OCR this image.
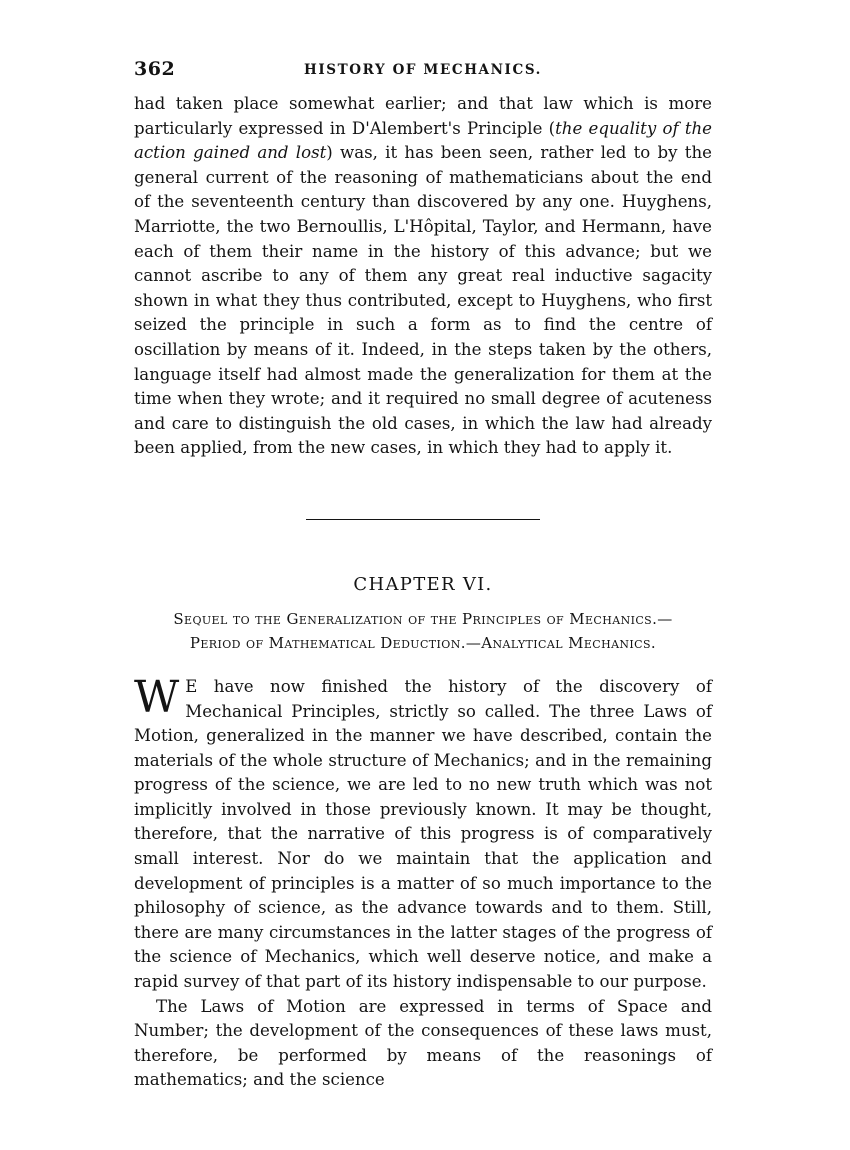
362	HISTORY OF MECHANICS.

had taken place somewhat earlier; and that law which is more particularly expressed in D'Alembert's Principle (the equality of the action gained and lost) was, it has been seen, rather led to by the general current of the reasoning of mathematicians about the end of the seventeenth century than discovered by any one. Huyghens, Marriotte, the two Bernoullis, L'Hôpital, Taylor, and Hermann, have each of them their name in the history of this advance; but we cannot ascribe to any of them any great real inductive sagacity shown in what they thus contributed, except to Huyghens, who first seized the principle in such a form as to find the centre of oscillation by means of it. Indeed, in the steps taken by the others, language itself had almost made the generalization for them at the time when they wrote; and it required no small degree of acuteness and care to distinguish the old cases, in which the law had already been applied, from the new cases, in which they had to apply it.

CHAPTER VI.
Sequel to the Generalization of the Principles of Mechanics.—
Period of Mathematical Deduction.—Analytical Mechanics.

W E have now finished the history of the discovery of Mechanical Principles, strictly so called. The three Laws of Motion, generalized in the manner we have described, contain the materials of the whole structure of Mechanics; and in the remaining progress of the science, we are led to no new truth which was not implicitly involved in those previously known. It may be thought, therefore, that the narrative of this progress is of comparatively small interest. Nor do we maintain that the application and development of principles is a matter of so much importance to the philosophy of science, as the advance towards and to them. Still, there are many circumstances in the latter stages of the progress of the science of Mechanics, which well deserve notice, and make a rapid survey of that part of its history indispensable to our purpose.

The Laws of Motion are expressed in terms of Space and Number; the development of the consequences of these laws must, therefore, be performed by means of the reasonings of mathematics; and the science
